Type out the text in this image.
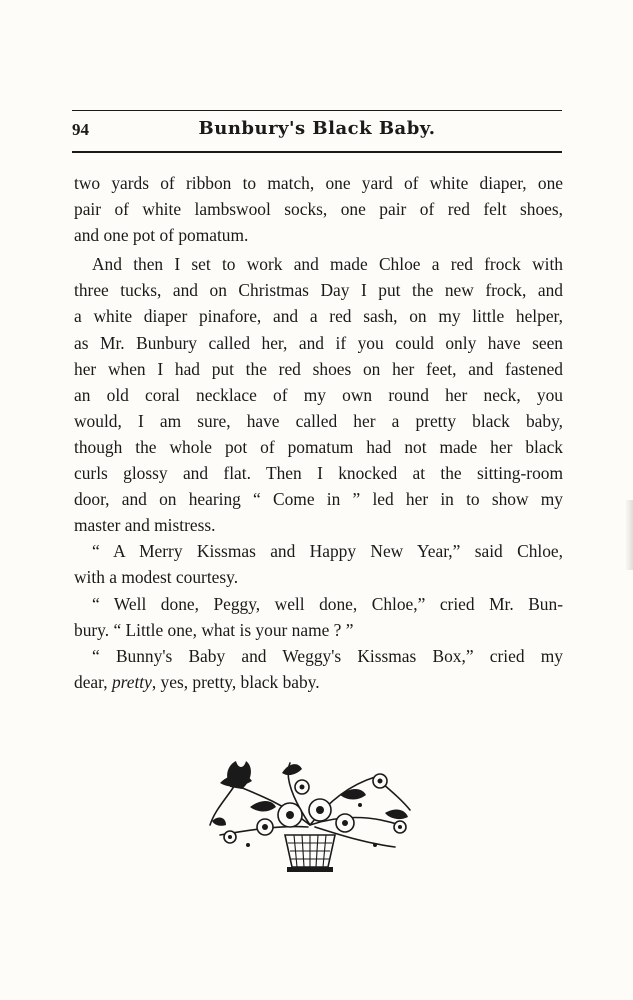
94	Bunbury's Black Baby.
two yards of ribbon to match, one yard of white diaper, one
pair of white lambswool socks, one pair of red felt shoes,
and one pot of pomatum.
And then I set to work and made Chloe a red frock with
three tucks, and on Christmas Day I put the new frock, and
a white diaper pinafore, and a red sash, on my little helper,
as Mr. Bunbury called her, and if you could only have seen
her when I had put the red shoes on her feet, and fastened
an old coral necklace of my own round her neck, you
would, I am sure, have called her a pretty black baby,
though the whole pot of pomatum had not made her black
curls glossy and flat. Then I knocked at the sitting-room
door, and on hearing “ Come in ” led her in to show my
master and mistress.
“ A Merry Kissmas and Happy New Year,” said Chloe,
with a modest courtesy.
“ Well done, Peggy, well done, Chloe,” cried Mr. Bun-
bury. “ Little one, what is your name ? ”
“ Bunny's Baby and Weggy's Kissmas Box,” cried my
dear, pretty, yes, pretty, black baby.
